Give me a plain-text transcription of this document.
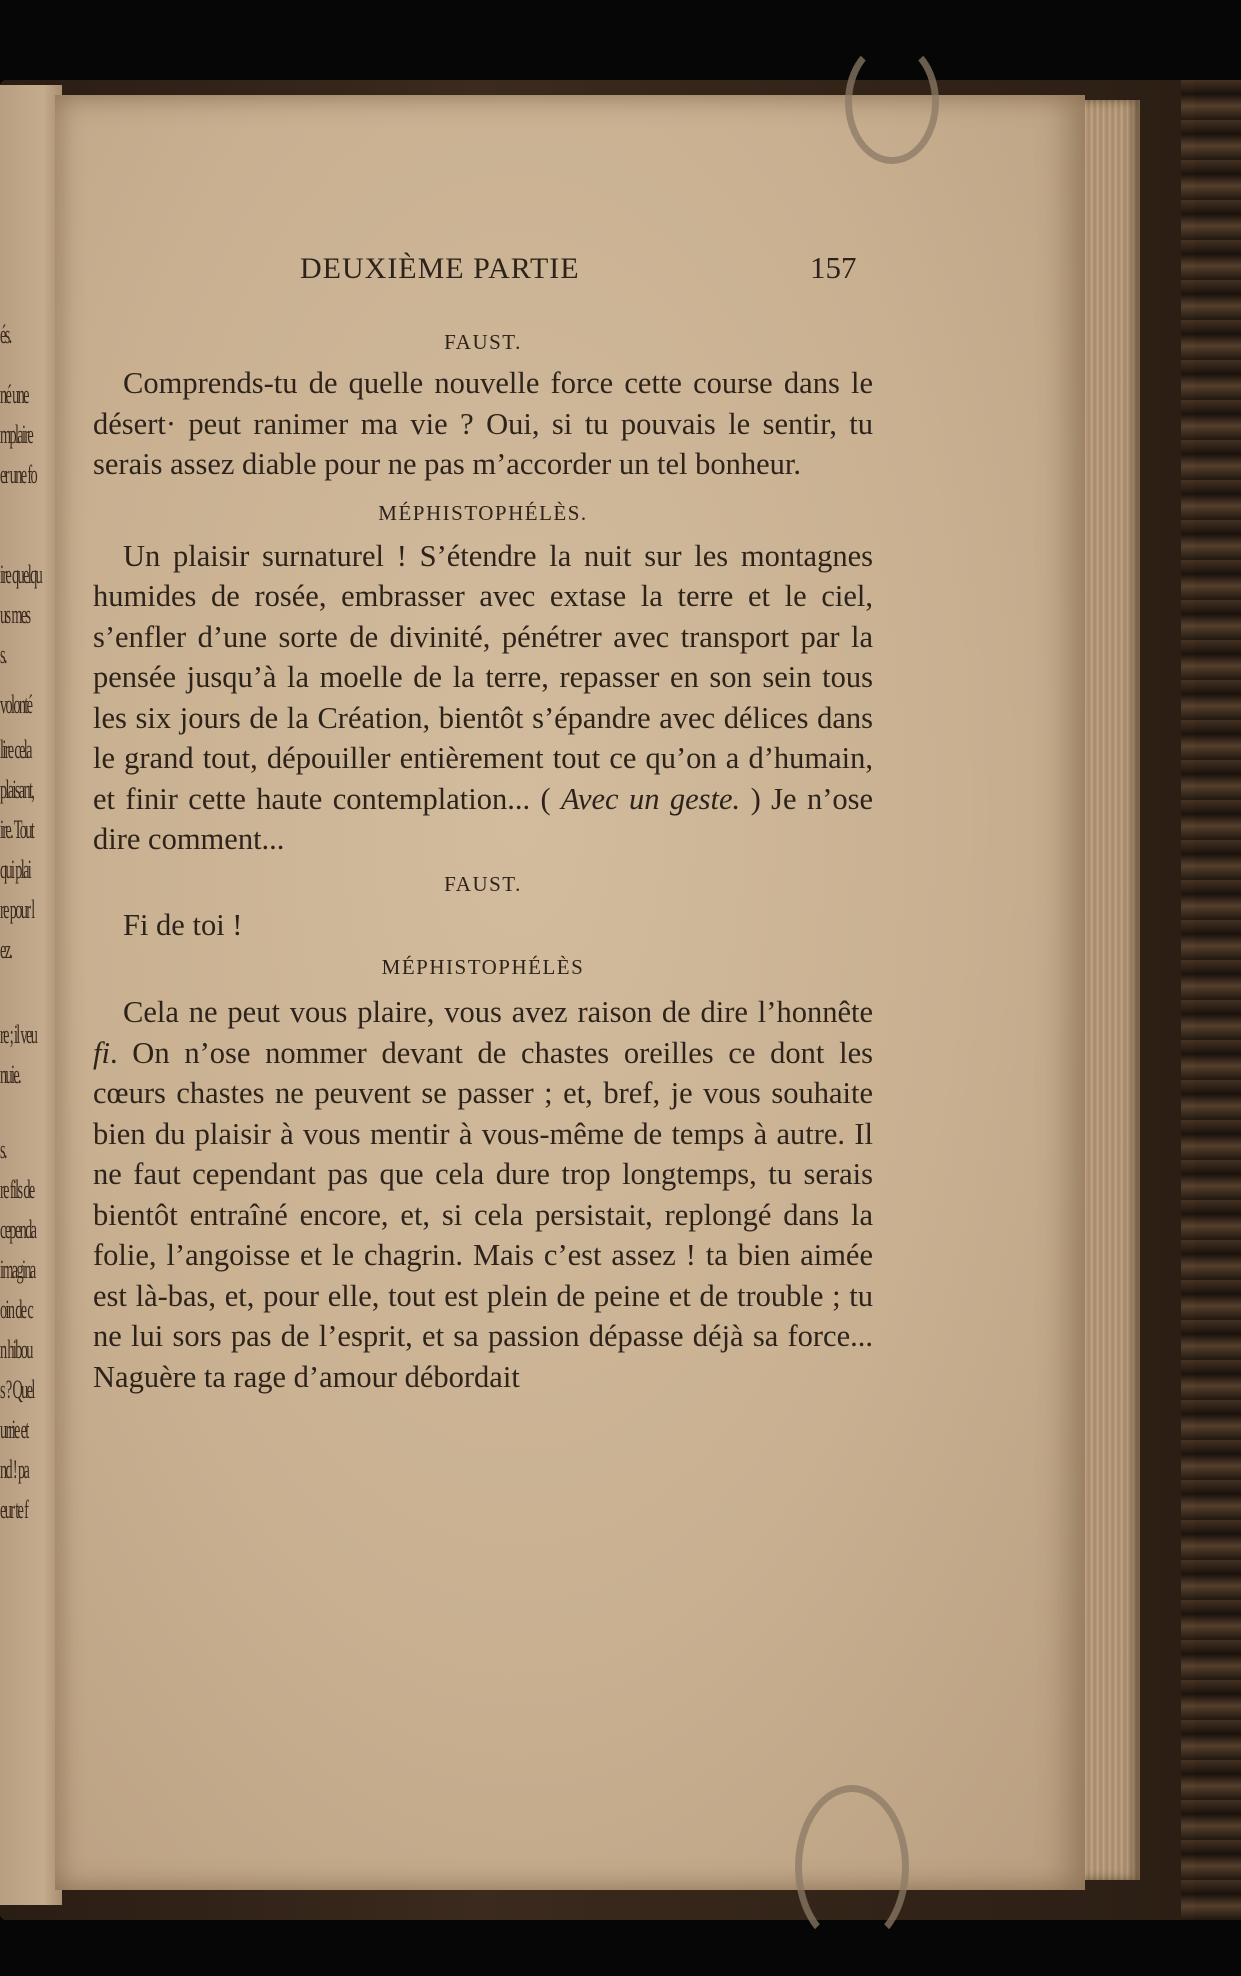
és.
né une
mplaire
er une fo
ire quelqu
us mes
s.
volonté
lire cela
plaisant,
ire. Tout
qui plai
re pour l
ez.
re ; il veu
nuie.
s.
re fils de
cependa
imagina
oin de c
n hibou
s ? Quel
urrie et
nd ! pa
eur te f
DEUXIÈME PARTIE	157
FAUST.

Comprends-tu de quelle nouvelle force cette course dans le désert· peut ranimer ma vie ? Oui, si tu pouvais le sentir, tu serais assez diable pour ne pas m’accorder un tel bonheur.

MÉPHISTOPHÉLÈS.

Un plaisir surnaturel ! S’étendre la nuit sur les montagnes humides de rosée, embrasser avec extase la terre et le ciel, s’enfler d’une sorte de divinité, pénétrer avec transport par la pensée jusqu’à la moelle de la terre, repasser en son sein tous les six jours de la Création, bientôt s’épandre avec délices dans le grand tout, dépouiller entièrement tout ce qu’on a d’humain, et finir cette haute contemplation... ( Avec un geste. ) Je n’ose dire comment...

FAUST.

Fi de toi !

MÉPHISTOPHÉLÈS

Cela ne peut vous plaire, vous avez raison de dire l’honnête fi. On n’ose nommer devant de chastes oreilles ce dont les cœurs chastes ne peuvent se passer ; et, bref, je vous souhaite bien du plaisir à vous mentir à vous-même de temps à autre. Il ne faut cependant pas que cela dure trop longtemps, tu serais bientôt entraîné encore, et, si cela persistait, replongé dans la folie, l’angoisse et le chagrin. Mais c’est assez ! ta bien aimée est là-bas, et, pour elle, tout est plein de peine et de trouble ; tu ne lui sors pas de l’esprit, et sa passion dépasse déjà sa force... Naguère ta rage d’amour débordait
